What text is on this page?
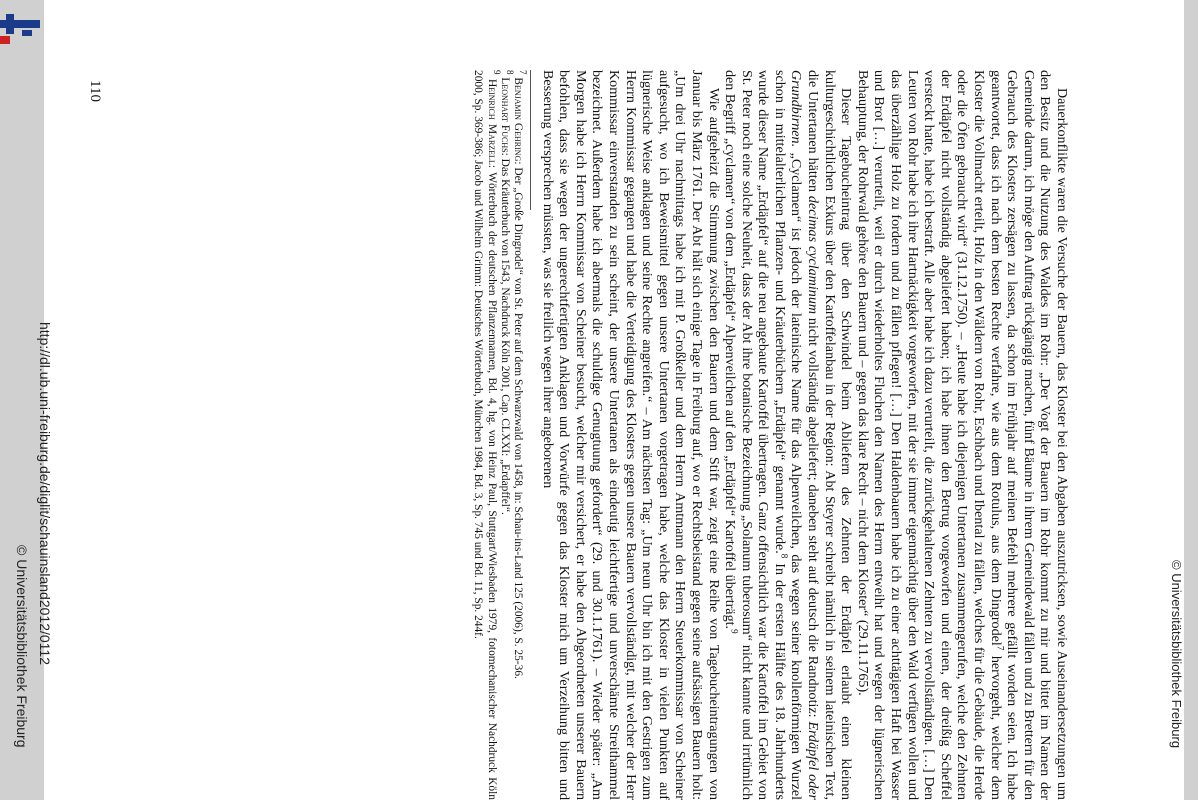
© Universitätsbibliothek Freiburg http://dl.ub.uni-freiburg.de/diglit/schauinsland2012/0112	© Universitätsbibliothek Freiburg
110	Dauerkonflikte waren die Versuche der Bauern, das Kloster bei den Abgaben auszutricksen, sowie Auseinandersetzungen um den Besitz und die Nutzung des Waldes im Rohr: „Der Vogt der Bauern im Rohr kommt zu mir und bittet im Namen der Gemeinde darum, ich möge den Auftrag rückgängig machen, fünf Bäume in ihrem Gemeindewald fällen und zu Brettern für den Gebrauch des Klosters zersägen zu lassen, da schon im Frühjahr auf meinen Befehl mehrere gefällt worden seien. Ich habe geantwortet, dass ich nach dem besten Rechte verfahre, wie aus dem Rotulus, aus dem Dingrodel$^7$ hervorgeht, welcher dem Kloster die Vollmacht erteilt, Holz in den Wäldern von Rohr, Eschbach und Ibental zu fällen, welches für die Gebäude, die Herde oder die Öfen gebraucht wird“ (31.12.1750). – „Heute habe ich diejenigen Untertanen zusammengerufen, welche den Zehnten der Erdäpfel nicht vollständig abgeliefert haben; ich habe ihnen den Betrug vorgeworfen und einen, der dreißig Scheffel versteckt hatte, habe ich bestraft. Alle aber habe ich dazu verurteilt, die zurückgehaltenen Zehnten zu vervollständigen. […] Den Leuten von Rohr habe ich ihre Hartnäckigkeit vorgeworfen, mit der sie immer eigenmächtig über den Wald verfügen wollen und das überzählige Holz zu fordern und zu fällen pflegen! […] Den Haldenbauern habe ich zu einer achttägigen Haft bei Wasser und Brot […] verurteilt, weil er durch wiederholtes Fluchen den Namen des Herrn entweiht hat und wegen der lügnerischen Behauptung, der Rohrwald gehöre den Bauern und – gegen das klare Recht – nicht dem Kloster“ (29.11.1765).

Dieser Tagebucheintrag über den Schwindel beim Abliefern des Zehnten der Erdäpfel erlaubt einen kleinen kulturgeschichtlichen Exkurs über den Kartoffelanbau in der Region: Abt Steyrer schreibt nämlich in seinem lateinischen Text, die Untertanen hätten decimas cyclaminum nicht vollständig abgeliefert; daneben steht auf deutsch die Randnotiz: Erdäpfel oder Grundbirnen. „Cyclamen“ ist jedoch der lateinische Name für das Alpenveilchen, das wegen seiner knollenförmigen Wurzel schon in mittelalterlichen Pflanzen- und Kräuterbüchern „Erdäpfel“ genannt wurde.$^8$ In der ersten Hälfte des 18. Jahrhunderts wurde dieser Name „Erdäpfel“ auf die neu angebaute Kartoffel übertragen. Ganz offensichtlich war die Kartoffel im Gebiet von St. Peter noch eine solche Neuheit, dass der Abt ihre botanische Bezeichnung „Solanum tuberosum“ nicht kannte und irrtümlich den Begriff „cyclamen“ von dem „Erdäpfel“ Alpenveilchen auf den „Erdäpfel“ Kartoffel überträgt.$^9$

Wie aufgeheizt die Stimmung zwischen den Bauern und dem Stift war, zeigt eine Reihe von Tagebucheintragungen von Januar bis März 1761. Der Abt hält sich einige Tage in Freiburg auf, wo er Rechtsbeistand gegen seine aufsässigen Bauern holt: „Um drei Uhr nachmittags habe ich mit P. Großkeller und dem Herrn Amtmann den Herrn Steuerkommissar von Scheiner aufgesucht, wo ich Beweismittel gegen unsere Untertanen vorgetragen habe, welche das Kloster in vielen Punkten auf lügnerische Weise anklagen und seine Rechte angreifen.“ – Am nächsten Tag: „Um neun Uhr bin ich mit den Gestrigen zum Herrn Kommissar gegangen und habe die Verteidigung des Klosters gegen unsere Bauern vervollständigt, mit welcher der Herr Kommissar einverstanden zu sein scheint, der unsere Untertanen als eindeutig leichtfertige und unverschämte Streithammel bezeichnet. Außerdem habe ich abermals die schuldige Genugtuung gefordert“ (29. und 30.1.1761). – Wieder später: „Am Morgen habe ich Herrn Kommissar von Scheiner besucht, welcher mir versichert, er habe den Abgeordneten unserer Bauern befohlen, dass sie wegen der ungerechtfertigten Anklagen und Vorwürfe gegen das Kloster mich um Verzeihung bitten und Besserung versprechen müssten, was sie freilich wegen ihrer angeborenen

$^7$ Benjamin Gehring: Der „Große Dingrodel“ von St. Peter auf dem Schwarzwald von 1458, in: Schau-ins-Land 125 (2006), S. 25-36.

$^8$ Leonhart Fuchs: Das Kräuterbuch von 1543, Nachdruck Köln 2001, Cap. CLXXI: „Erdapffel“.

$^9$ Heinrich Marzell: Wörterbuch der deutschen Pflanzennamen, Bd. 4, hg. von Heinz Paul, Stuttgart/Wiesbaden 1979, fotomechanischer Nachdruck Köln 2000, Sp. 369-386; Jacob und Wilhelm Grimm: Deutsches Wörterbuch, München 1984, Bd. 3, Sp. 745 und Bd. 11, Sp. 244f.
